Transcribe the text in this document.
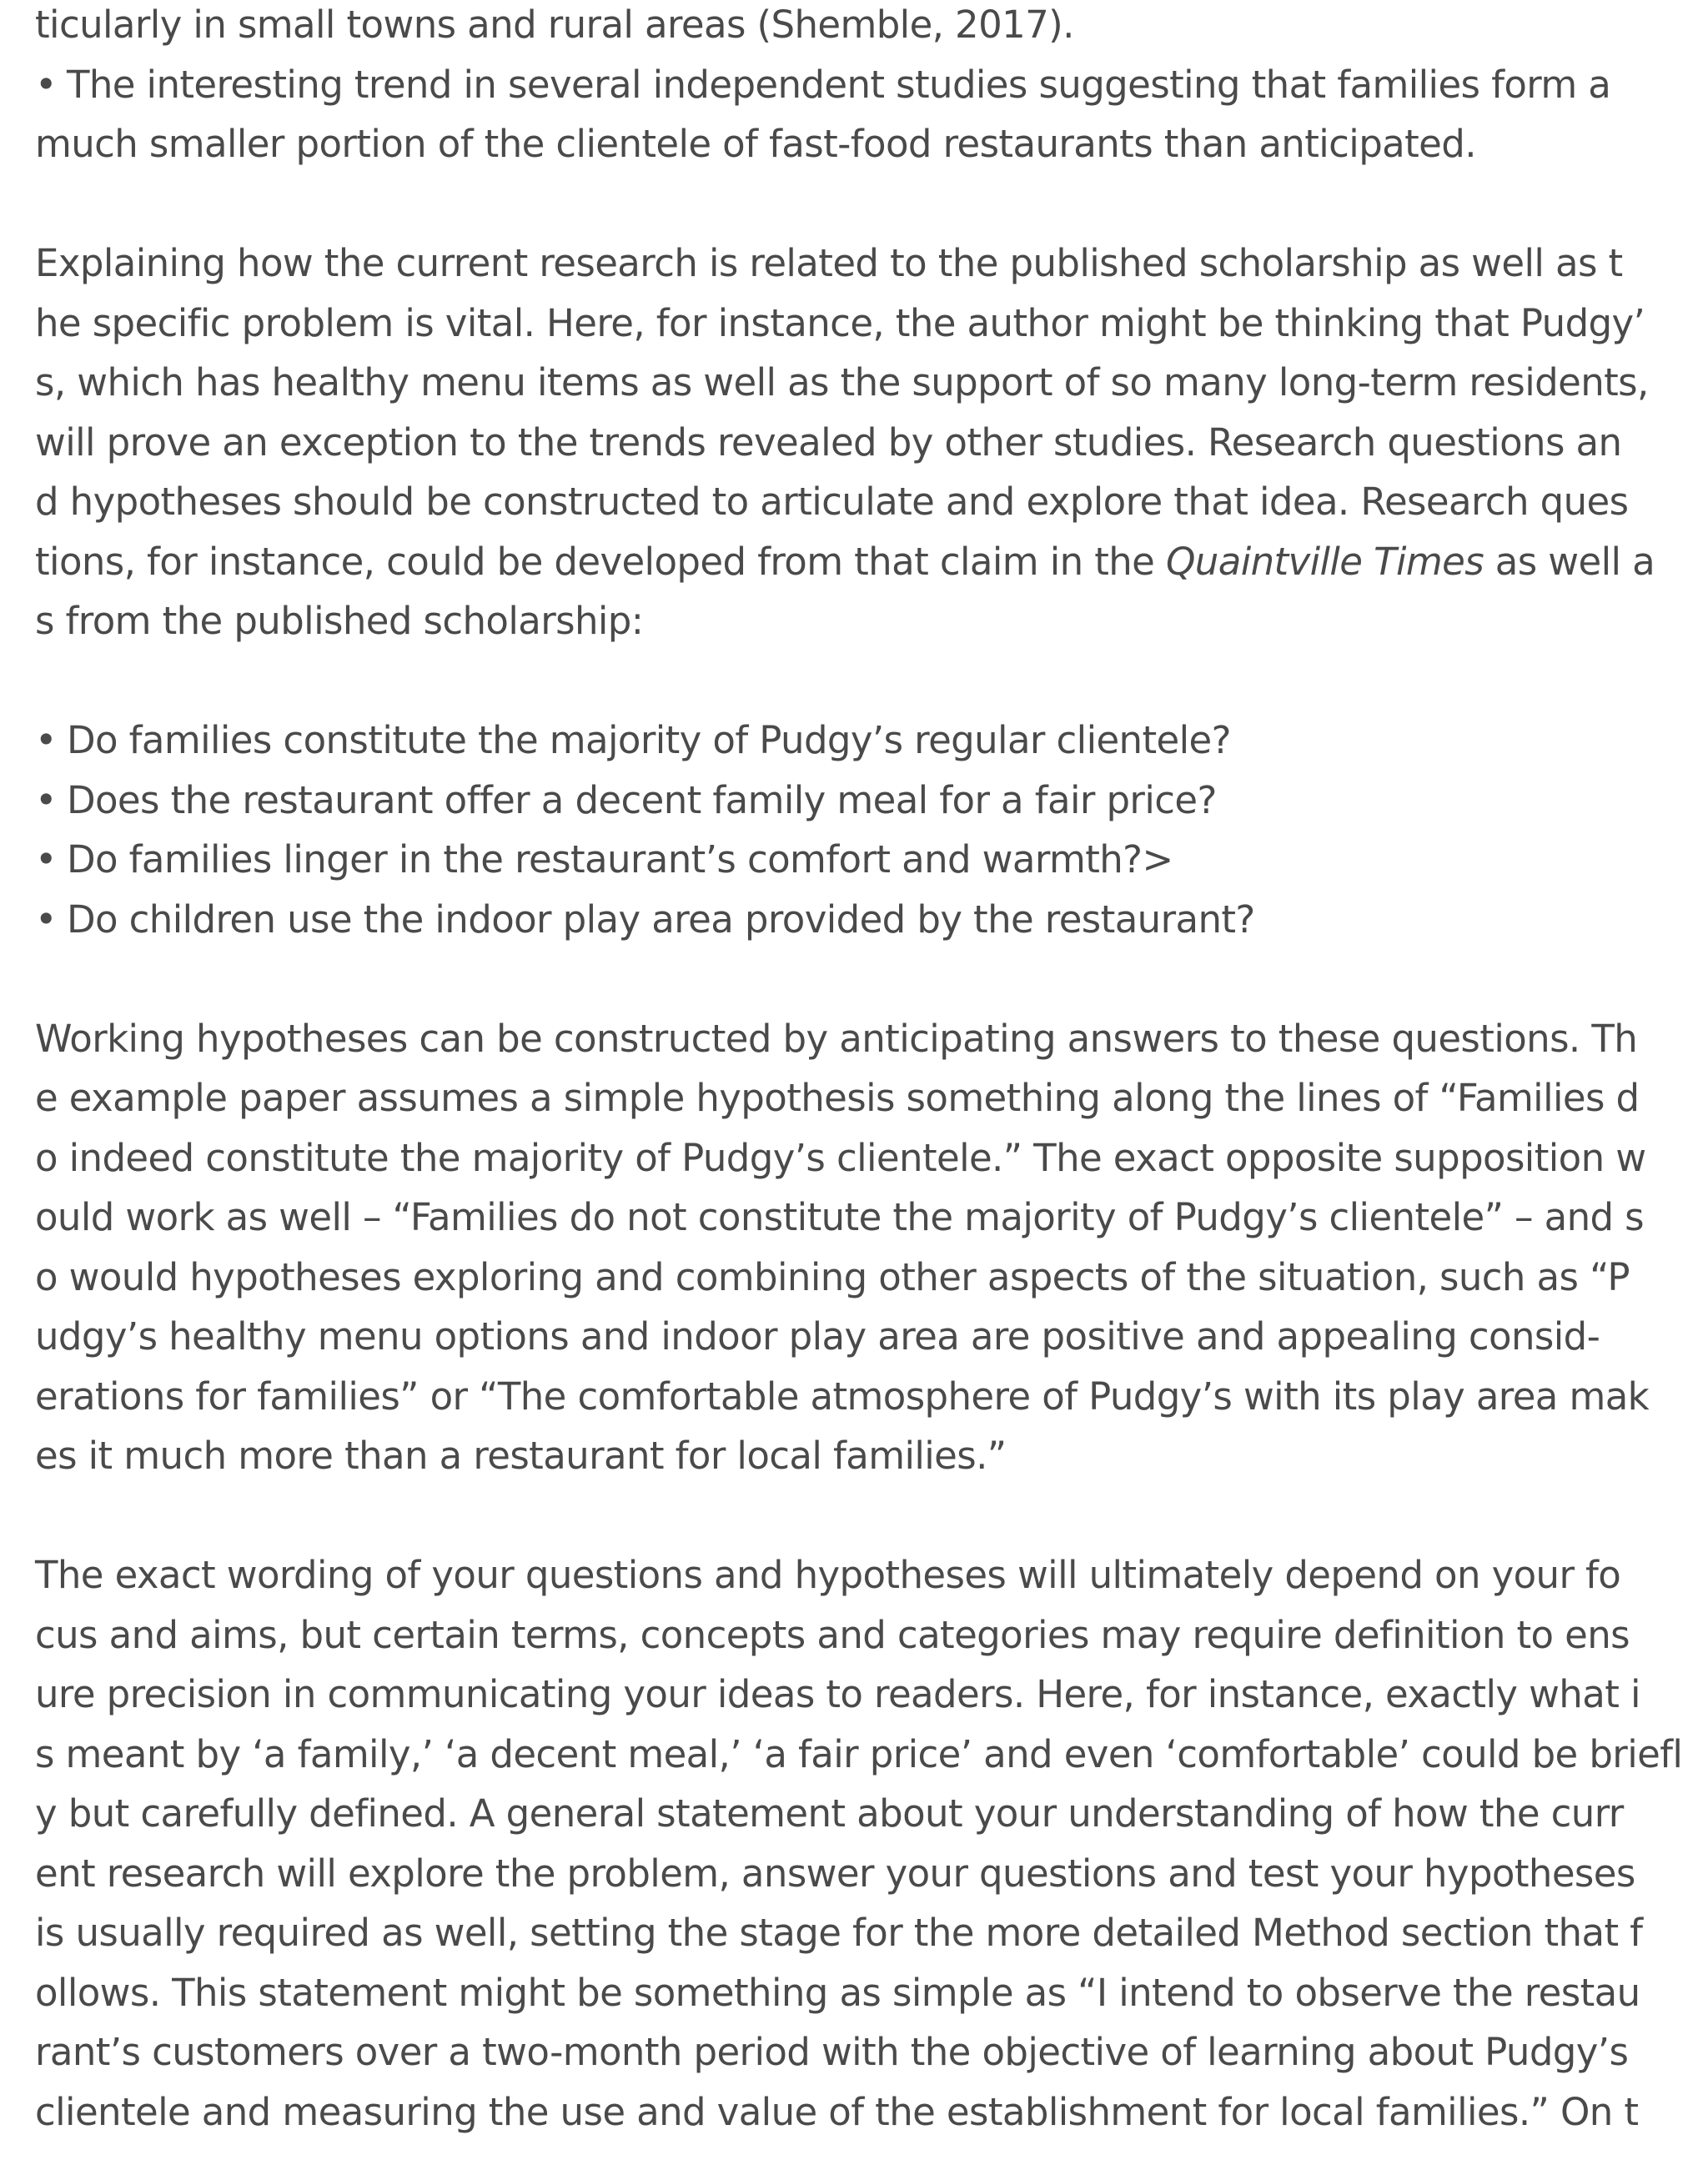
ticularly in small towns and rural areas (Shemble, 2017).
• The interesting trend in several independent studies suggesting that families form a
much smaller portion of the clientele of fast-food restaurants than anticipated.
Explaining how the current research is related to the published scholarship as well as t
he specific problem is vital. Here, for instance, the author might be thinking that Pudgy’
s, which has healthy menu items as well as the support of so many long-term residents,
will prove an exception to the trends revealed by other studies. Research questions an
d hypotheses should be constructed to articulate and explore that idea. Research ques
tions, for instance, could be developed from that claim in the Quaintville Times as well a
s from the published scholarship:
• Do families constitute the majority of Pudgy’s regular clientele?
• Does the restaurant offer a decent family meal for a fair price?
• Do families linger in the restaurant’s comfort and warmth?>
• Do children use the indoor play area provided by the restaurant?
Working hypotheses can be constructed by anticipating answers to these questions. Th
e example paper assumes a simple hypothesis something along the lines of “Families d
o indeed constitute the majority of Pudgy’s clientele.” The exact opposite supposition w
ould work as well – “Families do not constitute the majority of Pudgy’s clientele” – and s
o would hypotheses exploring and combining other aspects of the situation, such as “P
udgy’s healthy menu options and indoor play area are positive and appealing consid-
erations for families” or “The comfortable atmosphere of Pudgy’s with its play area mak
es it much more than a restaurant for local families.”
The exact wording of your questions and hypotheses will ultimately depend on your fo
cus and aims, but certain terms, concepts and categories may require definition to ens
ure precision in communicating your ideas to readers. Here, for instance, exactly what i
s meant by ‘a family,’ ‘a decent meal,’ ‘a fair price’ and even ‘comfortable’ could be briefl
y but carefully defined. A general statement about your understanding of how the curr
ent research will explore the problem, answer your questions and test your hypotheses
is usually required as well, setting the stage for the more detailed Method section that f
ollows. This statement might be something as simple as “I intend to observe the restau
rant’s customers over a two-month period with the objective of learning about Pudgy’s
clientele and measuring the use and value of the establishment for local families.” On t
